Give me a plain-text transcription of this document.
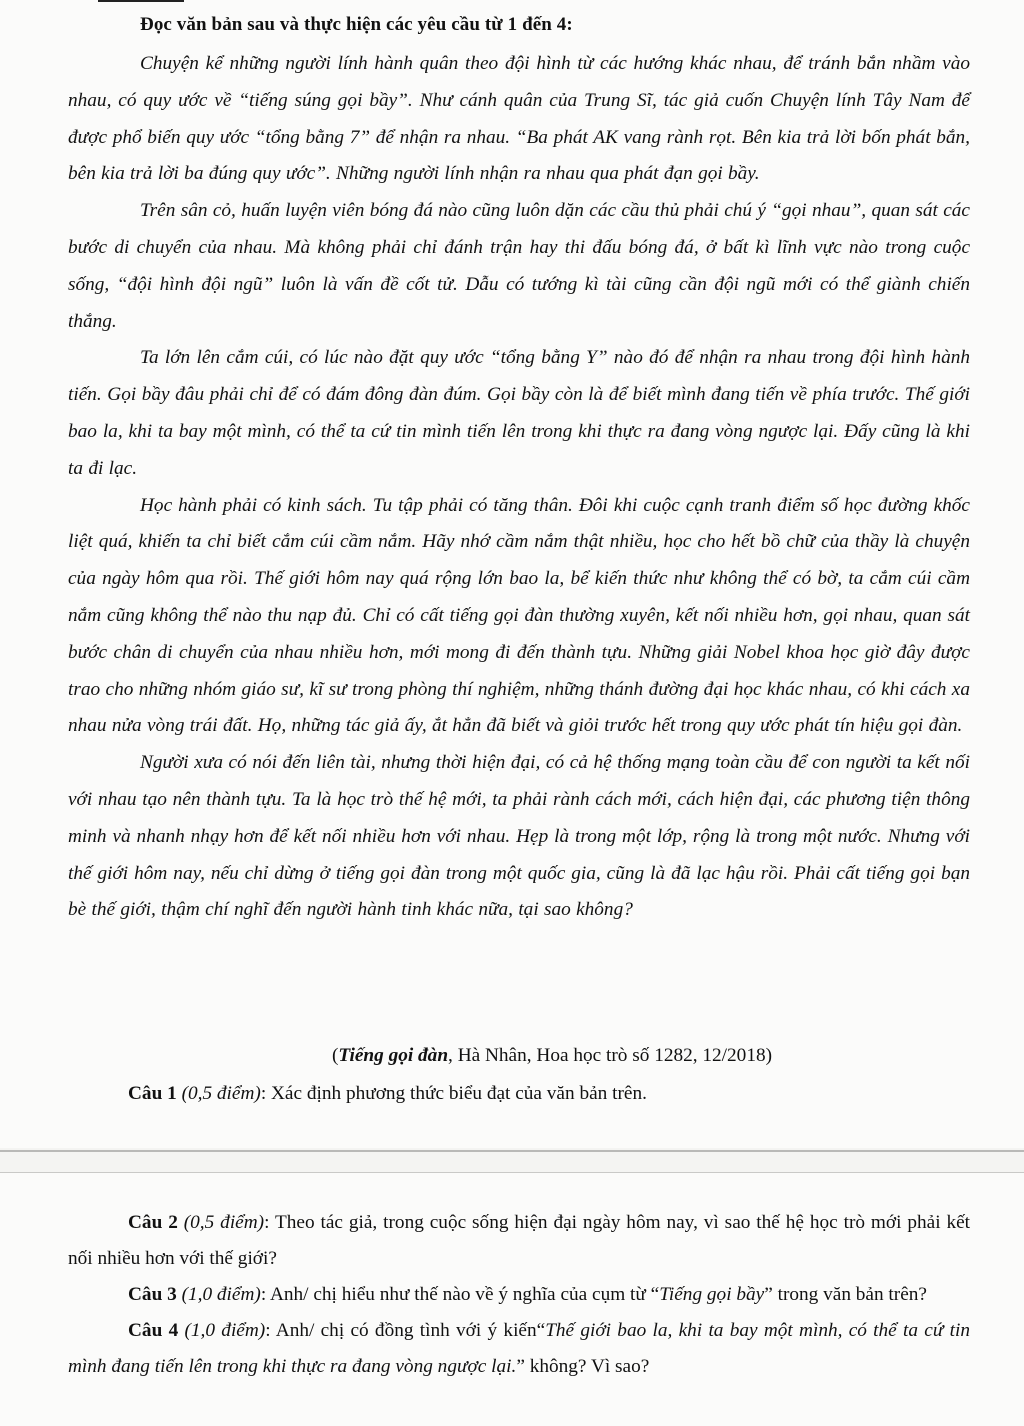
Đọc văn bản sau và thực hiện các yêu cầu từ 1 đến 4:

Chuyện kể những người lính hành quân theo đội hình từ các hướng khác nhau, để tránh bắn nhầm vào nhau, có quy ước về “tiếng súng gọi bầy”. Như cánh quân của Trung Sĩ, tác giả cuốn Chuyện lính Tây Nam để được phổ biến quy ước “tổng bằng 7” để nhận ra nhau. “Ba phát AK vang rành rọt. Bên kia trả lời bốn phát bắn, bên kia trả lời ba đúng quy ước”. Những người lính nhận ra nhau qua phát đạn gọi bầy.

Trên sân cỏ, huấn luyện viên bóng đá nào cũng luôn dặn các cầu thủ phải chú ý “gọi nhau”, quan sát các bước di chuyển của nhau. Mà không phải chỉ đánh trận hay thi đấu bóng đá, ở bất kì lĩnh vực nào trong cuộc sống, “đội hình đội ngũ” luôn là vấn đề cốt tử. Dẫu có tướng kì tài cũng cần đội ngũ mới có thể giành chiến thắng.

Ta lớn lên cắm cúi, có lúc nào đặt quy ước “tổng bằng Y” nào đó để nhận ra nhau trong đội hình hành tiến. Gọi bầy đâu phải chỉ để có đám đông đàn đúm. Gọi bầy còn là để biết mình đang tiến về phía trước. Thế giới bao la, khi ta bay một mình, có thể ta cứ tin mình tiến lên trong khi thực ra đang vòng ngược lại. Đấy cũng là khi ta đi lạc.

Học hành phải có kinh sách. Tu tập phải có tăng thân. Đôi khi cuộc cạnh tranh điểm số học đường khốc liệt quá, khiến ta chỉ biết cắm cúi cầm nắm. Hãy nhớ cầm nắm thật nhiều, học cho hết bồ chữ của thầy là chuyện của ngày hôm qua rồi. Thế giới hôm nay quá rộng lớn bao la, bể kiến thức như không thể có bờ, ta cắm cúi cầm nắm cũng không thể nào thu nạp đủ. Chỉ có cất tiếng gọi đàn thường xuyên, kết nối nhiều hơn, gọi nhau, quan sát bước chân di chuyển của nhau nhiều hơn, mới mong đi đến thành tựu. Những giải Nobel khoa học giờ đây được trao cho những nhóm giáo sư, kĩ sư trong phòng thí nghiệm, những thánh đường đại học khác nhau, có khi cách xa nhau nửa vòng trái đất. Họ, những tác giả ấy, ắt hẳn đã biết và giỏi trước hết trong quy ước phát tín hiệu gọi đàn.

Người xưa có nói đến liên tài, nhưng thời hiện đại, có cả hệ thống mạng toàn cầu để con người ta kết nối với nhau tạo nên thành tựu. Ta là học trò thế hệ mới, ta phải rành cách mới, cách hiện đại, các phương tiện thông minh và nhanh nhạy hơn để kết nối nhiều hơn với nhau. Hẹp là trong một lớp, rộng là trong một nước. Nhưng với thế giới hôm nay, nếu chỉ dừng ở tiếng gọi đàn trong một quốc gia, cũng là đã lạc hậu rồi. Phải cất tiếng gọi bạn bè thế giới, thậm chí nghĩ đến người hành tinh khác nữa, tại sao không?

(Tiếng gọi đàn, Hà Nhân, Hoa học trò số 1282, 12/2018)
Câu 1 (0,5 điểm): Xác định phương thức biểu đạt của văn bản trên.

Câu 2 (0,5 điểm): Theo tác giả, trong cuộc sống hiện đại ngày hôm nay, vì sao thế hệ học trò mới phải kết nối nhiều hơn với thế giới?

Câu 3 (1,0 điểm): Anh/ chị hiểu như thế nào về ý nghĩa của cụm từ “Tiếng gọi bầy” trong văn bản trên?

Câu 4 (1,0 điểm): Anh/ chị có đồng tình với ý kiến“Thế giới bao la, khi ta bay một mình, có thể ta cứ tin mình đang tiến lên trong khi thực ra đang vòng ngược lại.” không? Vì sao?
